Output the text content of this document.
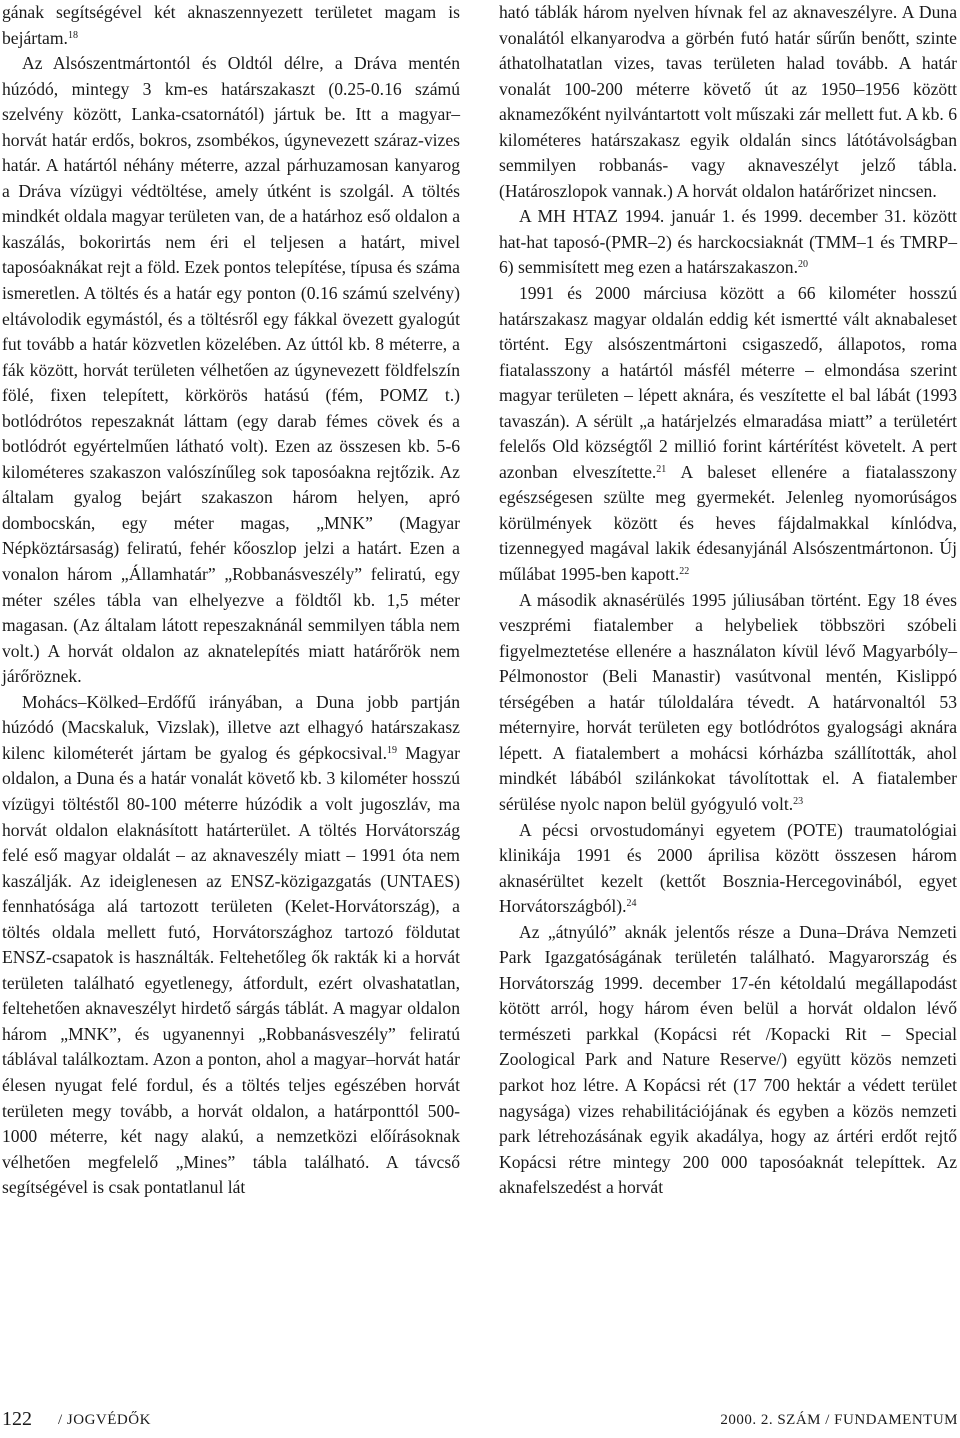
gának segítségével két aknaszennyezett területet magam is bejártam.$^{18}$

Az Alsószentmártontól és Oldtól délre, a Dráva mentén húzódó, mintegy 3 km-es határszakaszt (0.25-0.16 számú szelvény között, Lanka-csatornától) jártuk be. Itt a magyar–horvát határ erdős, bokros, zsombékos, úgynevezett száraz-vizes határ. A határtól néhány méterre, azzal párhuzamosan kanyarog a Dráva vízügyi védtöltése, amely útként is szolgál. A töltés mindkét oldala magyar területen van, de a határhoz eső oldalon a kaszálás, bokorirtás nem éri el teljesen a határt, mivel taposóaknákat rejt a föld. Ezek pontos telepítése, típusa és száma ismeretlen. A töltés és a határ egy ponton (0.16 számú szelvény) eltávolodik egymástól, és a töltésről egy fákkal övezett gyalogút fut tovább a határ közvetlen közelében. Az úttól kb. 8 méterre, a fák között, horvát területen vélhetően az úgynevezett földfelszín fölé, fixen telepített, körkörös hatású (fém, POMZ t.) botlódrótos repeszaknát láttam (egy darab fémes cövek és a botlódrót egyértelműen látható volt). Ezen az összesen kb. 5-6 kilométeres szakaszon valószínűleg sok taposóakna rejtőzik. Az általam gyalog bejárt szakaszon három helyen, apró dombocskán, egy méter magas, „MNK” (Magyar Népköztársaság) feliratú, fehér kőoszlop jelzi a határt. Ezen a vonalon három „Államhatár” „Robbanásveszély” feliratú, egy méter széles tábla van elhelyezve a földtől kb. 1,5 méter magasan. (Az általam látott repeszaknánál semmilyen tábla nem volt.) A horvát oldalon az aknatelepítés miatt határőrök nem járőröznek.

Mohács–Kölked–Erdőfű irányában, a Duna jobb partján húzódó (Macskaluk, Vizslak), illetve azt elhagyó határszakasz kilenc kilométerét jártam be gyalog és gépkocsival.$^{19}$ Magyar oldalon, a Duna és a határ vonalát követő kb. 3 kilométer hosszú vízügyi töltéstől 80-100 méterre húzódik a volt jugoszláv, ma horvát oldalon elaknásított határterület. A töltés Horvátország felé eső magyar oldalát – az aknaveszély miatt – 1991 óta nem kaszálják. Az ideiglenesen az ENSZ-közigazgatás (UNTAES) fennhatósága alá tartozott területen (Kelet-Horvátország), a töltés oldala mellett futó, Horvátországhoz tartozó földutat ENSZ-csapatok is használták. Feltehetőleg ők rakták ki a horvát területen található egyetlenegy, átfordult, ezért olvashatatlan, feltehetően aknaveszélyt hirdető sárgás táblát. A magyar oldalon három „MNK”, és ugyanennyi „Robbanásveszély” feliratú táblával találkoztam. Azon a ponton, ahol a magyar–horvát határ élesen nyugat felé fordul, és a töltés teljes egészében horvát területen megy tovább, a horvát oldalon, a határponttól 500-1000 méterre, két nagy alakú, a nemzetközi előírásoknak vélhetően megfelelő „Mines” tábla található. A távcső segítségével is csak pontatlanul lát

ható táblák három nyelven hívnak fel az aknaveszélyre. A Duna vonalától elkanyarodva a görbén futó határ sűrűn benőtt, szinte áthatolhatatlan vizes, tavas területen halad tovább. A határ vonalát 100-200 méterre követő út az 1950–1956 között aknamezőként nyilvántartott volt műszaki zár mellett fut. A kb. 6 kilométeres határszakasz egyik oldalán sincs látótávolságban semmilyen robbanás- vagy aknaveszélyt jelző tábla. (Határoszlopok vannak.) A horvát oldalon határőrizet nincsen.

A MH HTAZ 1994. január 1. és 1999. december 31. között hat-hat taposó-(PMR–2) és harckocsiaknát (TMM–1 és TMRP–6) semmisített meg ezen a határszakaszon.$^{20}$

1991 és 2000 márciusa között a 66 kilométer hosszú határszakasz magyar oldalán eddig két ismertté vált aknabaleset történt. Egy alsószentmártoni csigaszedő, állapotos, roma fiatalasszony a határtól másfél méterre – elmondása szerint magyar területen – lépett aknára, és veszítette el bal lábát (1993 tavaszán). A sérült „a határjelzés elmaradása miatt” a területért felelős Old községtől 2 millió forint kártérítést követelt. A pert azonban elveszítette.$^{21}$ A baleset ellenére a fiatalasszony egészségesen szülte meg gyermekét. Jelenleg nyomorúságos körülmények között és heves fájdalmakkal kínlódva, tizennegyed magával lakik édesanyjánál Alsószentmártonon. Új műlábat 1995-ben kapott.$^{22}$

A második aknasérülés 1995 júliusában történt. Egy 18 éves veszprémi fiatalember a helybeliek többszöri szóbeli figyelmeztetése ellenére a használaton kívül lévő Magyarbóly–Pélmonostor (Beli Manastir) vasútvonal mentén, Kislippó térségében a határ túloldalára tévedt. A határvonaltól 53 méternyire, horvát területen egy botlódrótos gyalogsági aknára lépett. A fiatalembert a mohácsi kórházba szállították, ahol mindkét lábából szilánkokat távolítottak el. A fiatalember sérülése nyolc napon belül gyógyuló volt.$^{23}$

A pécsi orvostudományi egyetem (POTE) traumatológiai klinikája 1991 és 2000 áprilisa között összesen három aknasérültet kezelt (kettőt Bosznia-Hercegovinából, egyet Horvátországból).$^{24}$

Az „átnyúló” aknák jelentős része a Duna–Dráva Nemzeti Park Igazgatóságának területén található. Magyarország és Horvátország 1999. december 17-én kétoldalú megállapodást kötött arról, hogy három éven belül a horvát oldalon lévő természeti parkkal (Kopácsi rét /Kopacki Rit – Special Zoological Park and Nature Reserve/) együtt közös nemzeti parkot hoz létre. A Kopácsi rét (17 700 hektár a védett terület nagysága) vizes rehabilitációjának és egyben a közös nemzeti park létrehozásának egyik akadálya, hogy az ártéri erdőt rejtő Kopácsi rétre mintegy 200 000 taposóaknát telepíttek. Az aknafelszedést a horvát

122 / JOGVÉDŐK	2000. 2. SZÁM / FUNDAMENTUM
